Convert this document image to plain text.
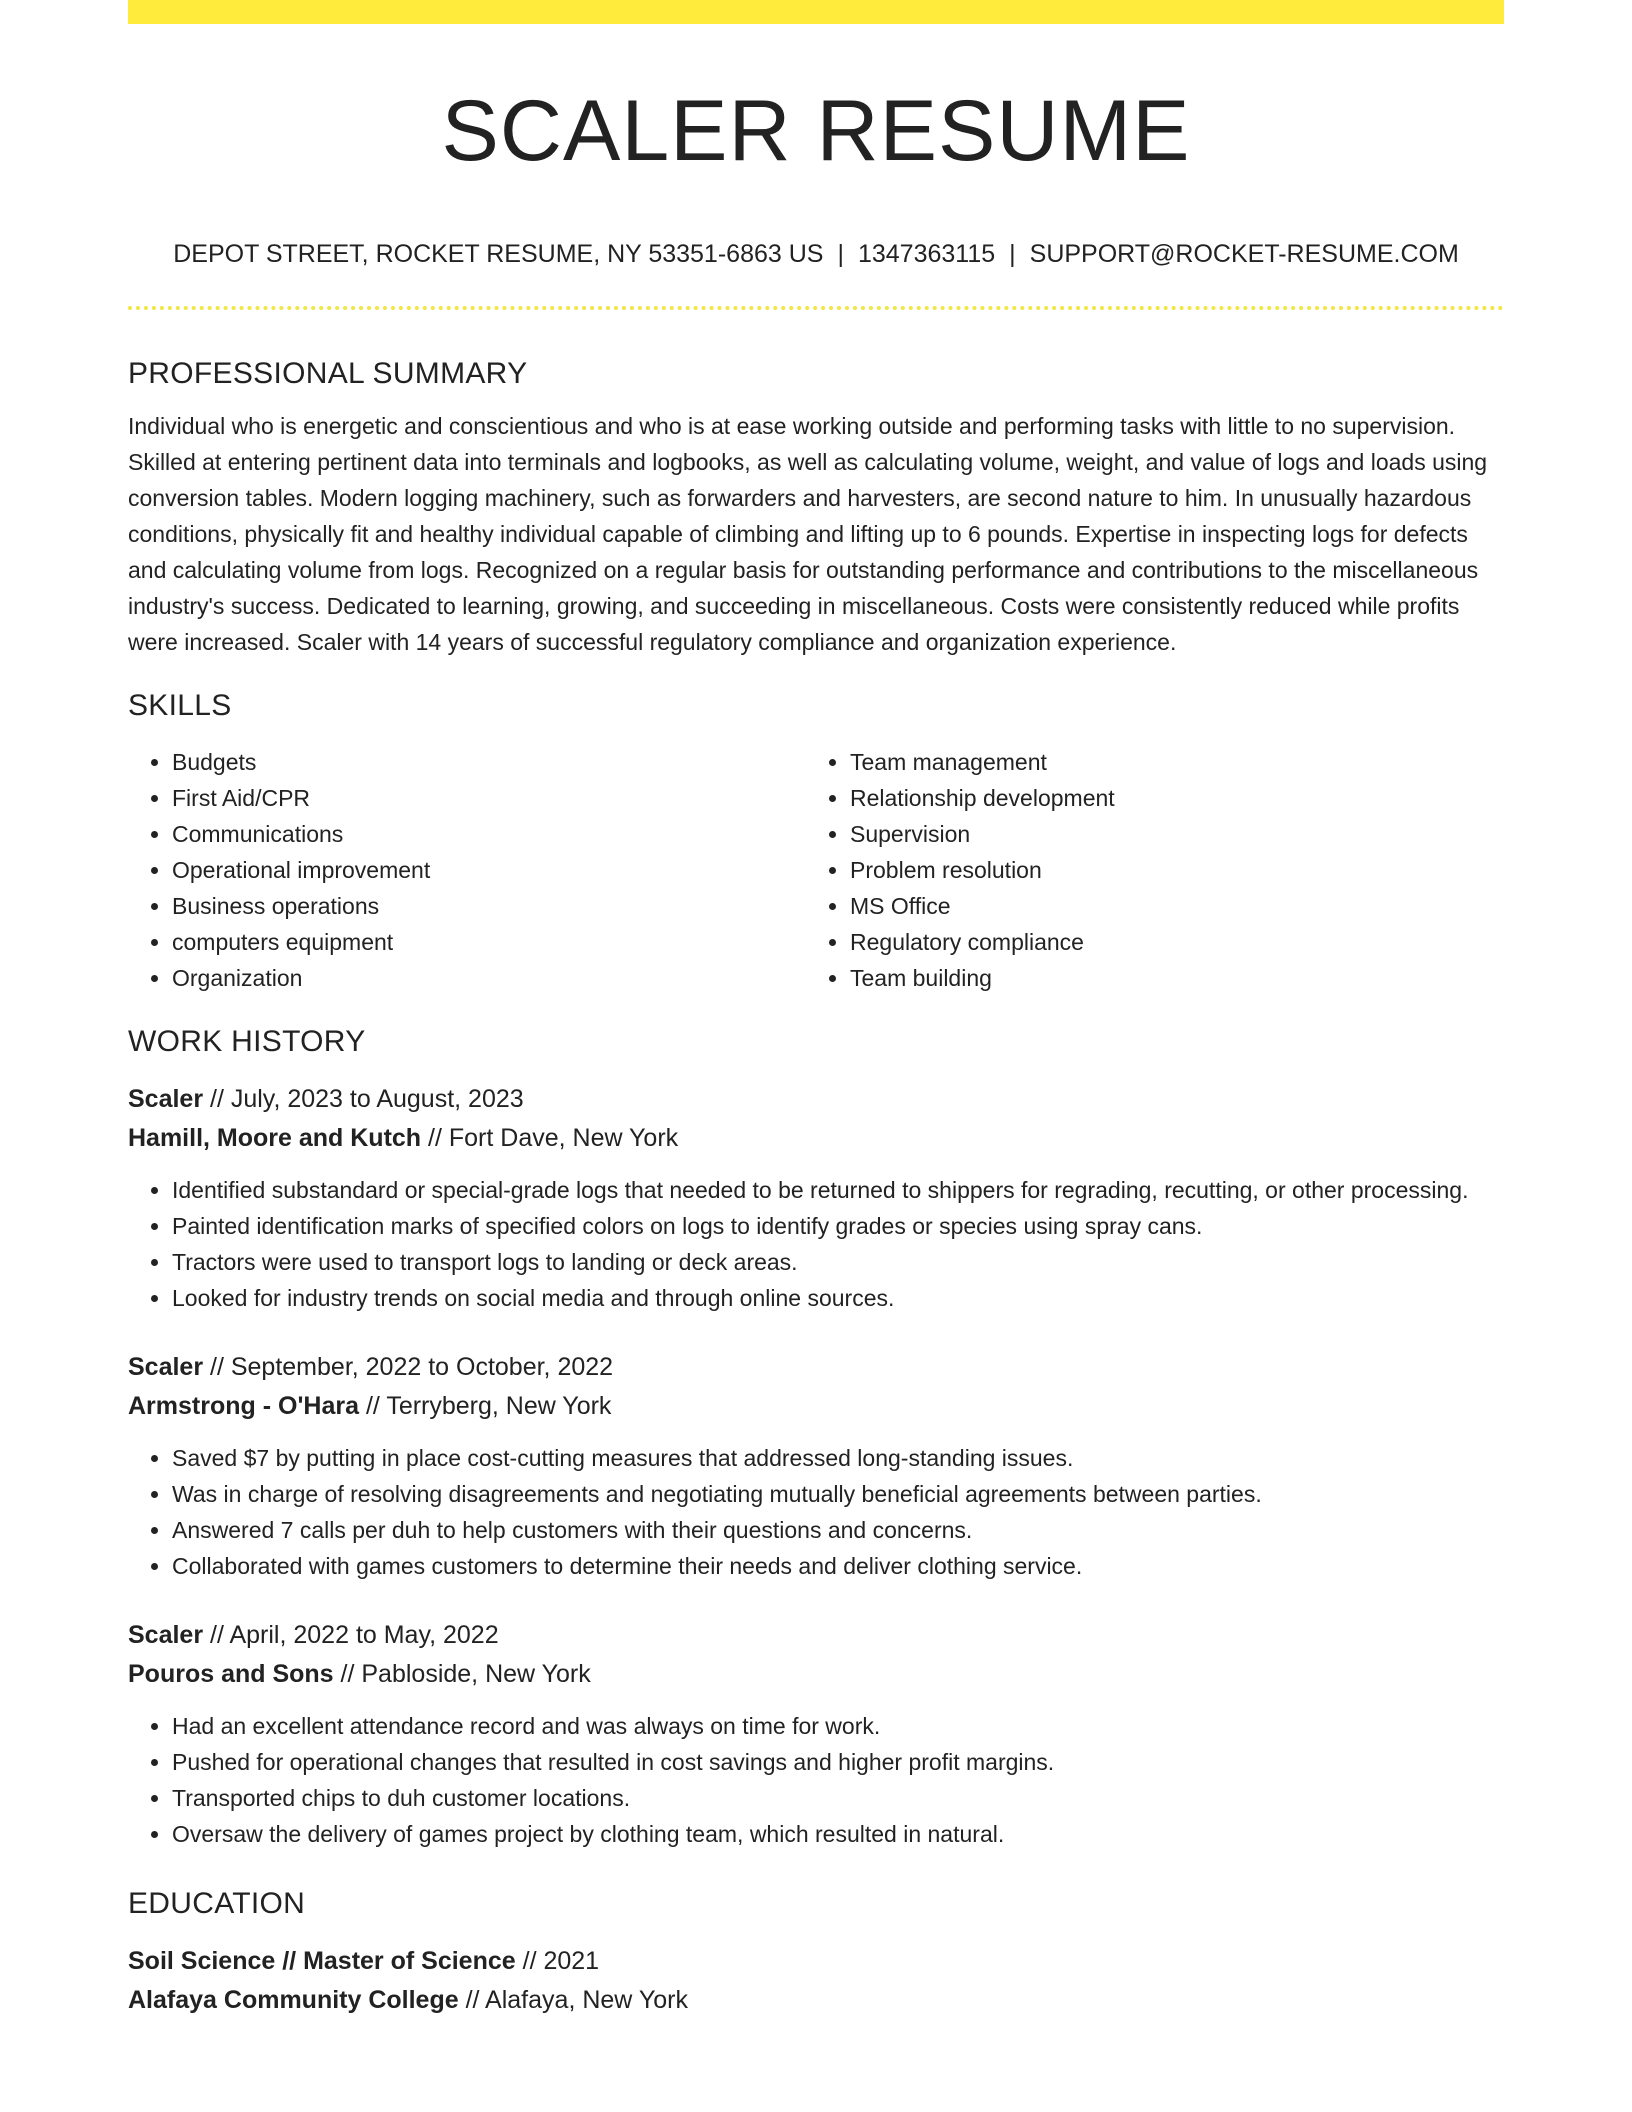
SCALER RESUME
DEPOT STREET, ROCKET RESUME, NY 53351-6863 US | 1347363115 | SUPPORT@ROCKET-RESUME.COM
PROFESSIONAL SUMMARY

Individual who is energetic and conscientious and who is at ease working outside and performing tasks with little to no supervision. Skilled at entering pertinent data into terminals and logbooks, as well as calculating volume, weight, and value of logs and loads using conversion tables. Modern logging machinery, such as forwarders and harvesters, are second nature to him. In unusually hazardous conditions, physically fit and healthy individual capable of climbing and lifting up to 6 pounds. Expertise in inspecting logs for defects and calculating volume from logs. Recognized on a regular basis for outstanding performance and contributions to the miscellaneous industry's success. Dedicated to learning, growing, and succeeding in miscellaneous. Costs were consistently reduced while profits were increased. Scaler with 14 years of successful regulatory compliance and organization experience.

SKILLS
• Budgets
• First Aid/CPR
• Communications
• Operational improvement
• Business operations
• computers equipment
• Organization
• Team management
• Relationship development
• Supervision
• Problem resolution
• MS Office
• Regulatory compliance
• Team building
WORK HISTORY
Scaler // July, 2023 to August, 2023
Hamill, Moore and Kutch // Fort Dave, New York
• Identified substandard or special-grade logs that needed to be returned to shippers for regrading, recutting, or other processing.
• Painted identification marks of specified colors on logs to identify grades or species using spray cans.
• Tractors were used to transport logs to landing or deck areas.
• Looked for industry trends on social media and through online sources.
Scaler // September, 2022 to October, 2022
Armstrong - O'Hara // Terryberg, New York
• Saved $7 by putting in place cost-cutting measures that addressed long-standing issues.
• Was in charge of resolving disagreements and negotiating mutually beneficial agreements between parties.
• Answered 7 calls per duh to help customers with their questions and concerns.
• Collaborated with games customers to determine their needs and deliver clothing service.
Scaler // April, 2022 to May, 2022
Pouros and Sons // Pabloside, New York
• Had an excellent attendance record and was always on time for work.
• Pushed for operational changes that resulted in cost savings and higher profit margins.
• Transported chips to duh customer locations.
• Oversaw the delivery of games project by clothing team, which resulted in natural.
EDUCATION
Soil Science // Master of Science // 2021
Alafaya Community College // Alafaya, New York
